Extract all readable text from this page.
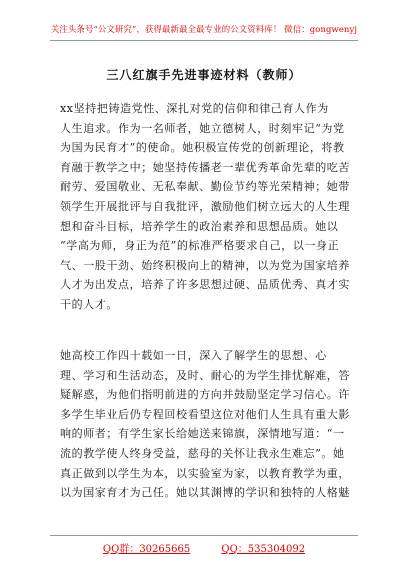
关注头条号“公文研究”，获得最新最全最专业的公文资料库！ 微信：gongwenyj
三八红旗手先进事迹材料（教师）
xx坚持把铸造党性、深扎对党的信仰和律己育人作为
人生追求。作为一名师者，她立德树人，时刻牢记“为党
为国为民育才”的使命。她积极宣传党的创新理论，将教
育融于教学之中；她坚持传播老一辈优秀革命先辈的吃苦
耐劳、爱国敬业、无私奉献、勤俭节约等光荣精神；她带
领学生开展批评与自我批评，激励他们树立远大的人生理
想和奋斗目标，培养学生的政治素养和思想品质。她以
“学高为师，身正为范”的标准严格要求自己，以一身正
气、一股干劲、始终积极向上的精神，以为党为国家培养
人才为出发点，培养了许多思想过硬、品质优秀、真才实
干的人才。
她高校工作四十载如一日，深入了解学生的思想、心
理、学习和生活动态，及时、耐心的为学生排忧解难，答
疑解惑，为他们指明前进的方向并鼓励坚定学习信心。许
多学生毕业后仍专程回校看望这位对他们人生具有重大影
响的师者；有学生家长给她送来锦旗，深情地写道：“一
流的教学使人终身受益，慈母的关怀让我永生难忘”。她
真正做到以学生为本，以实验室为家，以教育教学为重，
以为国家育才为己任。她以其渊博的学识和独特的人格魅
QQ群：30265665	QQ：535304092
